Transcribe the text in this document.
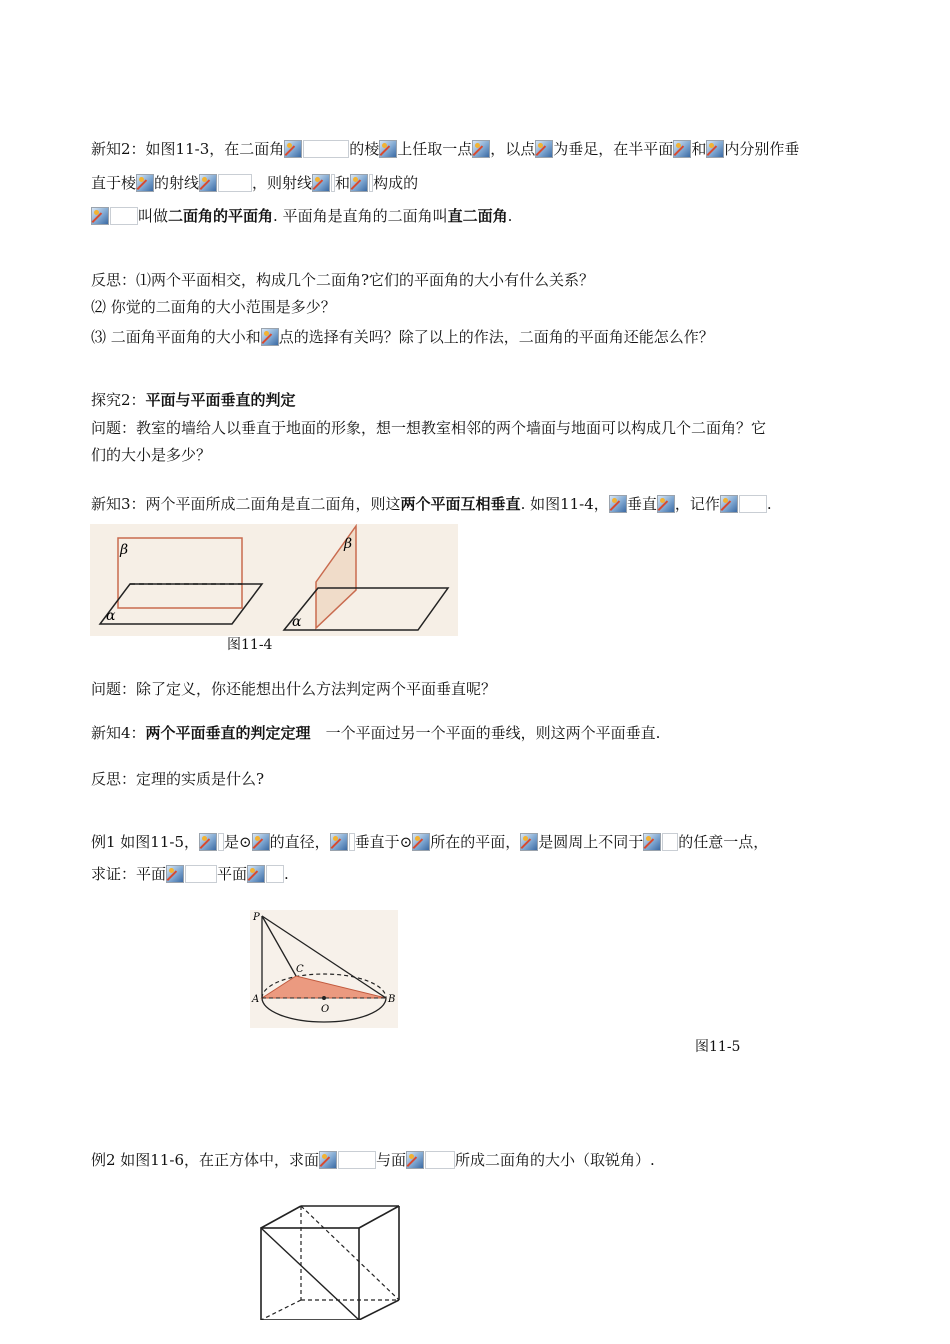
新知2：如图11-3，在二面角	的棱 上任取一点 ，以点 为垂足，在半平面 和 内分别作垂
直于棱 的射线	，则射线 和 构成的
叫做二面角的平面角. 平面角是直角的二面角叫直二面角.
反思：⑴两个平面相交，构成几个二面角?它们的平面角的大小有什么关系？
⑵ 你觉的二面角的大小范围是多少？
⑶ 二面角平面角的大小和 点的选择有关吗？除了以上的作法，二面角的平面角还能怎么作？
探究2：平面与平面垂直的判定
问题：教室的墙给人以垂直于地面的形象，想一想教室相邻的两个墙面与地面可以构成几个二面角？它
们的大小是多少？
新知3：两个平面所成二面角是直二面角，则这两个平面互相垂直. 如图11-4， 垂直 ，记作	.
β
α
β
α
图11-4
问题：除了定义，你还能想出什么方法判定两个平面垂直呢？
新知4：两个平面垂直的判定定理　一个平面过另一个平面的垂线，则这两个平面垂直.
反思：定理的实质是什么?
例1 如图11-5， 是⊙ 的直径， 垂直于⊙ 所在的平面， 是圆周上不同于 的任意一点，
求证：平面	平面 .
P
C
A
O
B
图11-5
例2 如图11-6，在正方体中，求面	与面	所成二面角的大小（取锐角）.
